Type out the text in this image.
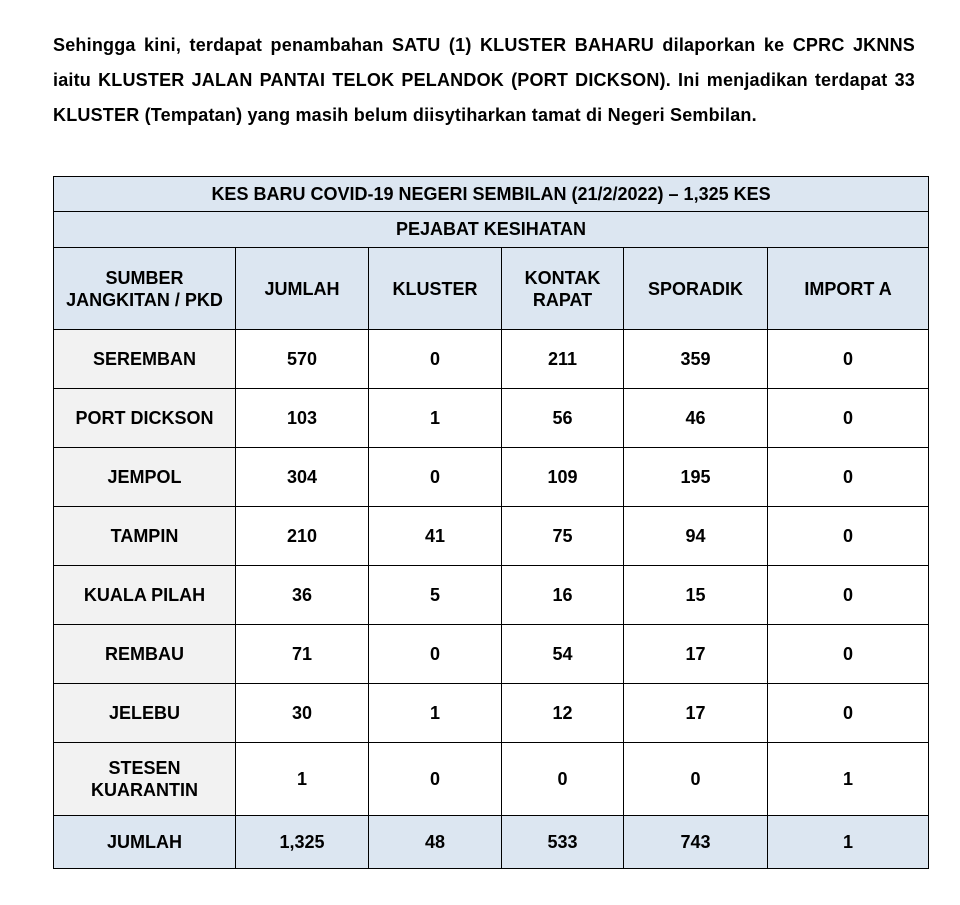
Sehingga kini, terdapat penambahan SATU (1) KLUSTER BAHARU dilaporkan ke CPRC JKNNS iaitu KLUSTER JALAN PANTAI TELOK PELANDOK (PORT DICKSON). Ini menjadikan terdapat 33 KLUSTER (Tempatan) yang masih belum diisytiharkan tamat di Negeri Sembilan.

KES BARU COVID-19 NEGERI SEMBILAN (21/2/2022) – 1,325 KES					
PEJABAT KESIHATAN					
SUMBER JANGKITAN / PKD	JUMLAH	KLUSTER	KONTAK RAPAT	SPORADIK	IMPORT A
SEREMBAN	570	0	211	359	0
PORT DICKSON	103	1	56	46	0
JEMPOL	304	0	109	195	0
TAMPIN	210	41	75	94	0
KUALA PILAH	36	5	16	15	0
REMBAU	71	0	54	17	0
JELEBU	30	1	12	17	0
STESEN KUARANTIN	1	0	0	0	1
JUMLAH	1,325	48	533	743	1
